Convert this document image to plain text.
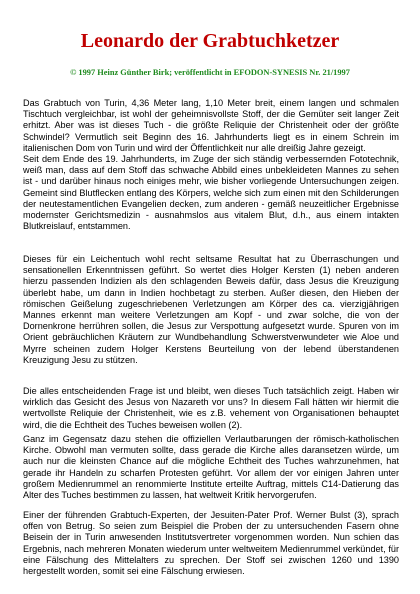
Leonardo der Grabtuchketzer
© 1997 Heinz Günther Birk; veröffentlicht in EFODON-SYNESIS Nr. 21/1997

Das Grabtuch von Turin, 4,36 Meter lang, 1,10 Meter breit, einem langen und schmalen Tischtuch vergleichbar, ist wohl der geheimnisvollste Stoff, der die Gemüter seit langer Zeit erhitzt. Aber was ist dieses Tuch - die größte Reliquie der Christenheit oder der größte Schwindel? Vermutlich seit Beginn des 16. Jahrhunderts liegt es in einem Schrein im italienischen Dom von Turin und wird der Öffentlichkeit nur alle dreißig Jahre gezeigt.

Seit dem Ende des 19. Jahrhunderts, im Zuge der sich ständig verbessernden Fototechnik, weiß man, dass auf dem Stoff das schwache Abbild eines unbekleideten Mannes zu sehen ist - und darüber hinaus noch einiges mehr, wie bisher vorliegende Untersuchungen zeigen. Gemeint sind Blutflecken entlang des Körpers, welche sich zum einen mit den Schilderungen der neutestamentlichen Evangelien decken, zum anderen - gemäß neuzeitlicher Ergebnisse modernster Gerichtsmedizin - ausnahmslos aus vitalem Blut, d.h., aus einem intakten Blutkreislauf, entstammen.

Dieses für ein Leichentuch wohl recht seltsame Resultat hat zu Überraschungen und sensationellen Erkenntnissen geführt. So wertet dies Holger Kersten (1) neben anderen hierzu passenden Indizien als den schlagenden Beweis dafür, dass Jesus die Kreuzigung überlebt habe, um dann in Indien hochbetagt zu sterben. Außer diesen, den Hieben der römischen Geißelung zugeschriebenen Verletzungen am Körper des ca. vierzigjährigen Mannes erkennt man weitere Verletzungen am Kopf - und zwar solche, die von der Dornenkrone herrühren sollen, die Jesus zur Verspottung aufgesetzt wurde. Spuren von im Orient gebräuchlichen Kräutern zur Wundbehandlung Schwerstverwundeter wie Aloe und Myrre scheinen zudem Holger Kerstens Beurteilung von der lebend überstandenen Kreuzigung Jesu zu stützen.

Die alles entscheidenden Frage ist und bleibt, wen dieses Tuch tatsächlich zeigt. Haben wir wirklich das Gesicht des Jesus von Nazareth vor uns? In diesem Fall hätten wir hiermit die wertvollste Reliquie der Christenheit, wie es z.B. vehement von Organisationen behauptet wird, die die Echtheit des Tuches beweisen wollen (2).

Ganz im Gegensatz dazu stehen die offiziellen Verlautbarungen der römisch-katholischen Kirche. Obwohl man vermuten sollte, dass gerade die Kirche alles daransetzen würde, um auch nur die kleinsten Chance auf die mögliche Echtheit des Tuches wahrzunehmen, hat gerade ihr Handeln zu scharfen Protesten geführt. Vor allem der vor einigen Jahren unter großem Medienrummel an renommierte Institute erteilte Auftrag, mittels C14-Datierung das Alter des Tuches bestimmen zu lassen, hat weltweit Kritik hervorgerufen.

Einer der führenden Grabtuch-Experten, der Jesuiten-Pater Prof. Werner Bulst (3), sprach offen von Betrug. So seien zum Beispiel die Proben der zu untersuchenden Fasern ohne Beisein der in Turin anwesenden Institutsvertreter vorgenommen worden. Nun schien das Ergebnis, nach mehreren Monaten wiederum unter weltweitem Medienrummel verkündet, für eine Fälschung des Mittelalters zu sprechen. Der Stoff sei zwischen 1260 und 1390 hergestellt worden, somit sei eine Fälschung erwiesen.
